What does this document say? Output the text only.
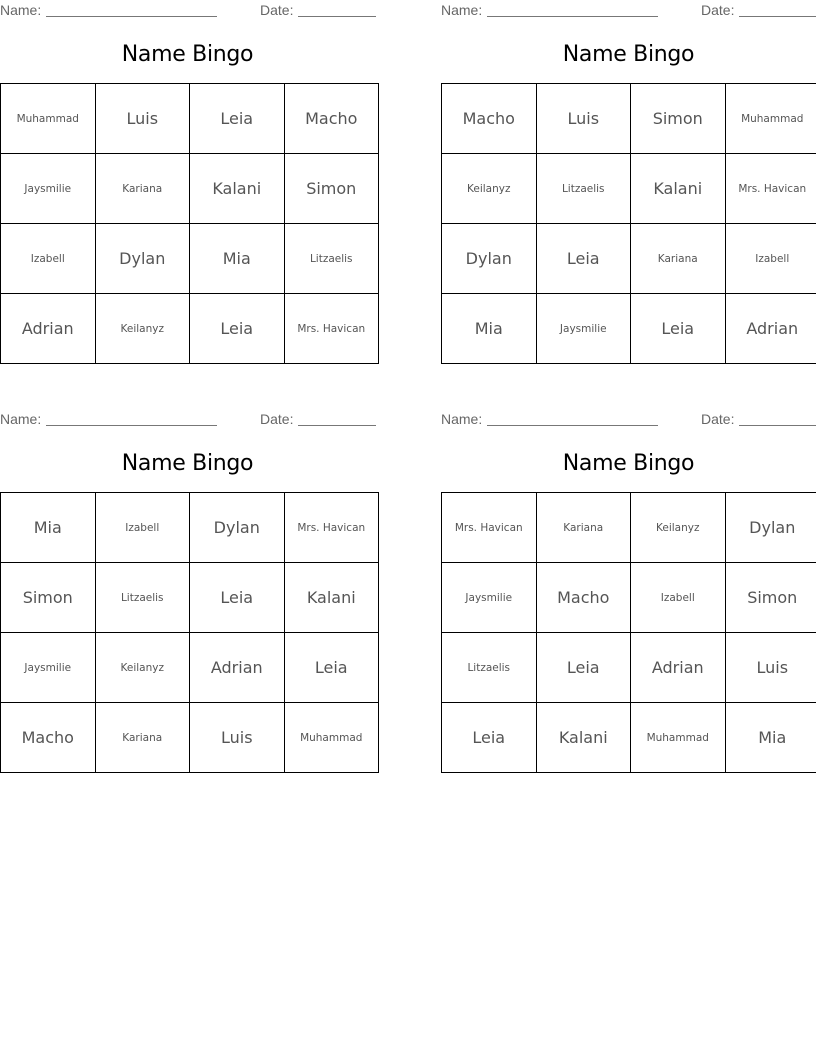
Name:	Date:
Name Bingo
Muhammad	Luis	Leia	Macho
Jaysmilie	Kariana	Kalani	Simon
Izabell	Dylan	Mia	Litzaelis
Adrian	Keilanyz	Leia	Mrs. Havican
Name:	Date:
Name Bingo
Macho	Luis	Simon	Muhammad
Keilanyz	Litzaelis	Kalani	Mrs. Havican
Dylan	Leia	Kariana	Izabell
Mia	Jaysmilie	Leia	Adrian
Name:	Date:
Name Bingo
Mia	Izabell	Dylan	Mrs. Havican
Simon	Litzaelis	Leia	Kalani
Jaysmilie	Keilanyz	Adrian	Leia
Macho	Kariana	Luis	Muhammad
Name:	Date:
Name Bingo
Mrs. Havican	Kariana	Keilanyz	Dylan
Jaysmilie	Macho	Izabell	Simon
Litzaelis	Leia	Adrian	Luis
Leia	Kalani	Muhammad	Mia
